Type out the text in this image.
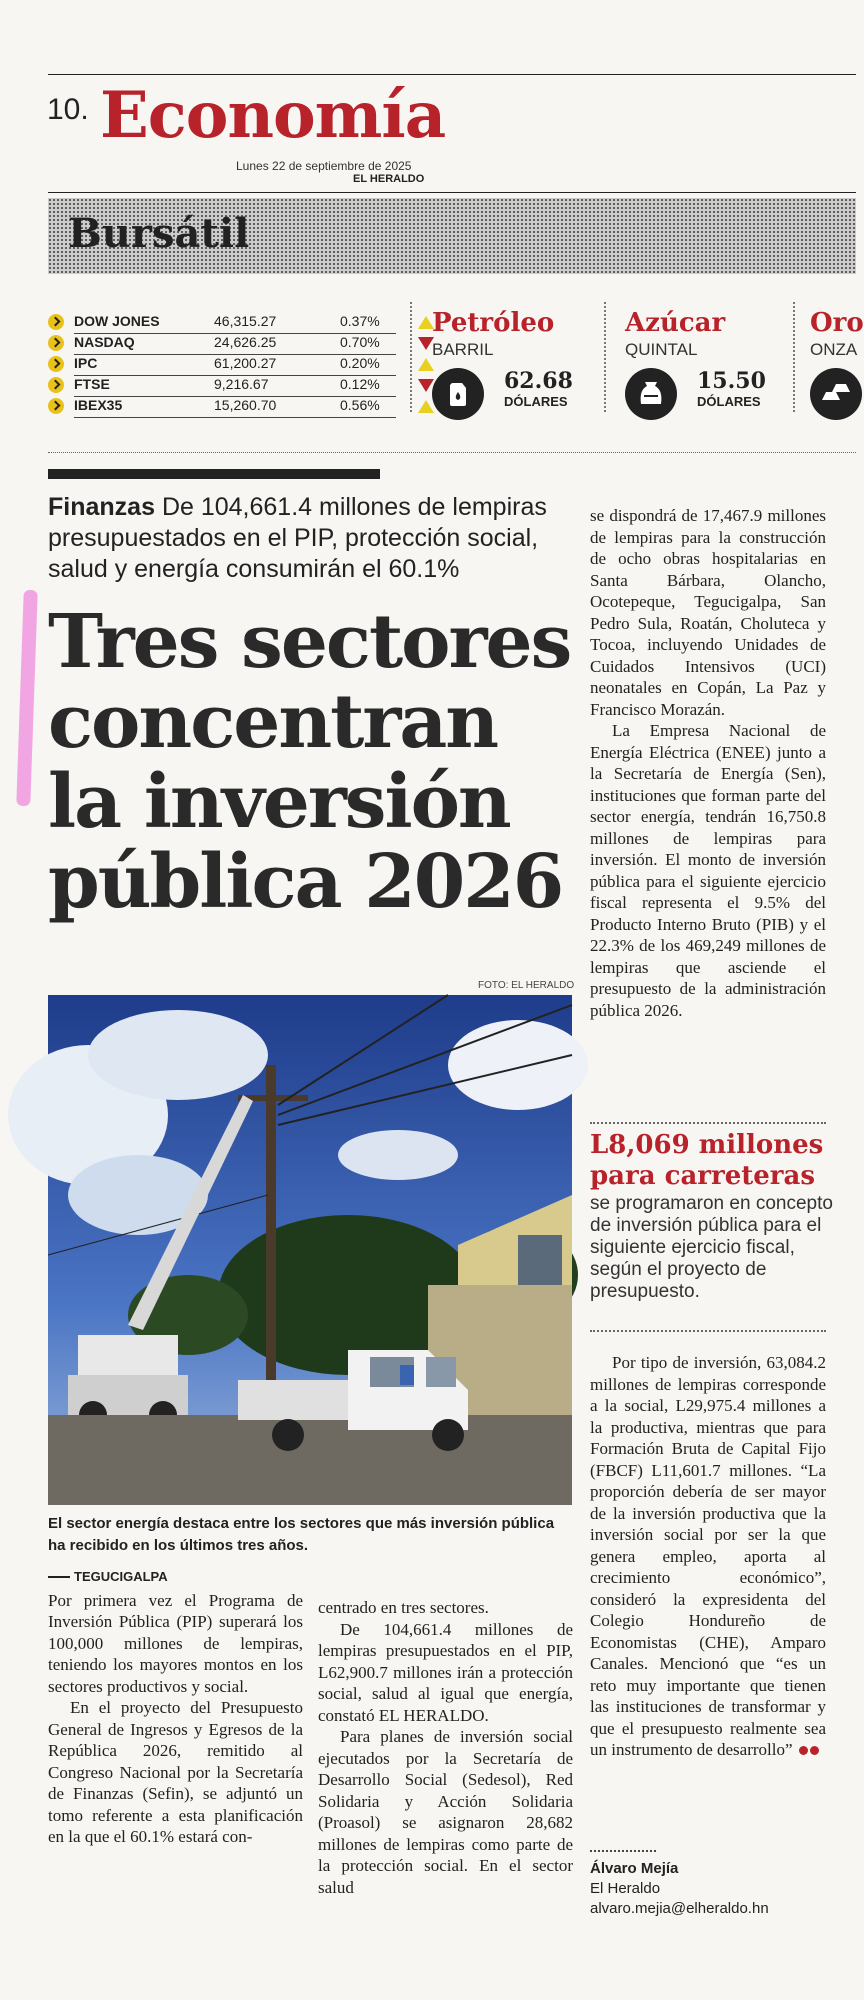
10. Economía
Lunes 22 de septiembre de 2025
EL HERALDO
Bursátil
DOW JONES	46,315.27	0.37%
NASDAQ	24,626.25	0.70%
IPC	61,200.27	0.20%
FTSE	9,216.67	0.12%
IBEX35	15,260.70	0.56%
Petróleo
BARRIL
62.68
DÓLARES
Azúcar
QUINTAL
15.50
DÓLARES
Oro
ONZA
Finanzas De 104,661.4 millones de lempiras presupuestados en el PIP, protección social, salud y energía consumirán el 60.1%
Tres sectores concentran la inversión pública 2026
FOTO: EL HERALDO
El sector energía destaca entre los sectores que más inversión pública ha recibido en los últimos tres años.
TEGUCIGALPA

Por primera vez el Programa de Inversión Pública (PIP) superará los 100,000 millones de lempiras, teniendo los mayores montos en los sectores productivos y social.

En el proyecto del Presupuesto General de Ingresos y Egresos de la República 2026, remitido al Congreso Nacional por la Secretaría de Finanzas (Sefin), se adjuntó un tomo referente a esta planificación en la que el 60.1% estará con-

centrado en tres sectores.

De 104,661.4 millones de lempiras presupuestados en el PIP, L62,900.7 millones irán a protección social, salud al igual que energía, constató EL HERALDO.

Para planes de inversión social ejecutados por la Secretaría de Desarrollo Social (Sedesol), Red Solidaria y Acción Solidaria (Proasol) se asignaron 28,682 millones de lempiras como parte de la protección social. En el sector salud

se dispondrá de 17,467.9 millones de lempiras para la construcción de ocho obras hospitalarias en Santa Bárbara, Olancho, Ocotepeque, Tegucigalpa, San Pedro Sula, Roatán, Choluteca y Tocoa, incluyendo Unidades de Cuidados Intensivos (UCI) neonatales en Copán, La Paz y Francisco Morazán.

La Empresa Nacional de Energía Eléctrica (ENEE) junto a la Secretaría de Energía (Sen), instituciones que forman parte del sector energía, tendrán 16,750.8 millones de lempiras para inversión. El monto de inversión pública para el siguiente ejercicio fiscal representa el 9.5% del Producto Interno Bruto (PIB) y el 22.3% de los 469,249 millones de lempiras que asciende el presupuesto de la administración pública 2026.

L8,069 millones para carreteras
se programaron en concepto de inversión pública para el siguiente ejercicio fiscal, según el proyecto de presupuesto.

Por tipo de inversión, 63,084.2 millones de lempiras corresponde a la social, L29,975.4 millones a la productiva, mientras que para Formación Bruta de Capital Fijo (FBCF) L11,601.7 millones. “La proporción debería de ser mayor de la inversión productiva que la inversión social por ser la que genera empleo, aporta al crecimiento económico”, consideró la expresidenta del Colegio Hondureño de Economistas (CHE), Amparo Canales. Mencionó que “es un reto muy importante que tienen las instituciones de transformar y que el presupuesto realmente sea un instrumento de desarrollo”

Álvaro Mejía
El Heraldo
alvaro.mejia@elheraldo.hn
